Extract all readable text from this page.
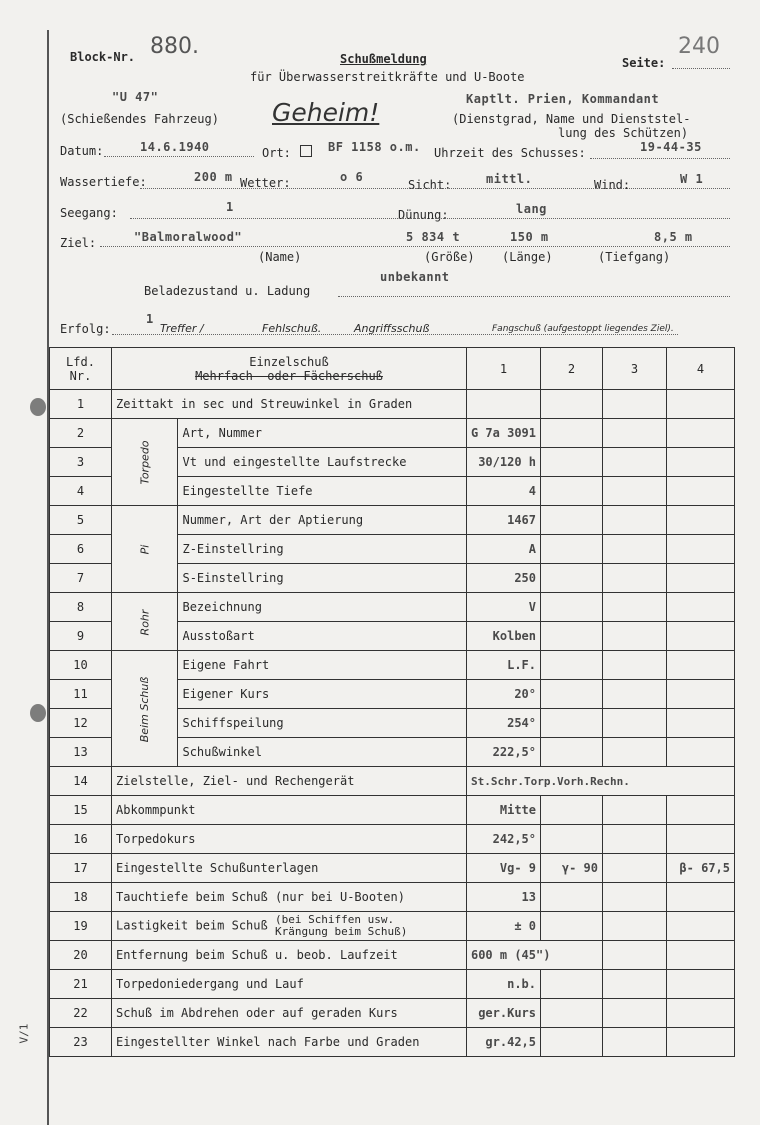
Block-Nr. 880.	Schußmeldung
für Überwasserstreitkräfte und U-Boote
Seite:
240
"U 47"
(Schießendes Fahrzeug) Geheim!	Kaptlt. Prien, Kommandant
(Dienstgrad, Name und Dienststel-
lung des Schützen)
Datum:	14.6.1940	Ort:	BF 1158 o.m. Uhrzeit des Schusses:	19-44-35
Wassertiefe:	200 m Wetter:	o 6
Sicht:	mittl.	Wind:	W 1
Seegang:	1
Dünung:	lang
Ziel:	"Balmoralwood"	5 834 t	150 m	8,5 m
(Name)	(Größe) (Länge)	(Tiefgang)
unbekannt
Beladezustand u. Ladung
Erfolg:
1
Treffer /	Fehlschuß.	Angriffsschuß	Fangschuß (aufgestoppt liegendes Ziel).
Lfd.
Nr.	Einzelschuß
Mehrfach- oder Fächerschuß		1	2	3	4
1	Zeittakt in sec und Streuwinkel in Graden					
2	Torpedo	Art, Nummer	G 7a 3091			
3		Vt und eingestellte Laufstrecke	30/120 h			
4		Eingestellte Tiefe	4			
5	Pi	Nummer, Art der Aptierung	1467			
6		Z-Einstellring	A			
7		S-Einstellring	250			
8	Rohr	Bezeichnung	V			
9		Ausstoßart	Kolben			
10	Beim Schuß	Eigene Fahrt	L.F.			
11		Eigener Kurs	20°			
12		Schiffspeilung	254°			
13		Schußwinkel	222,5°			
14	Zielstelle, Ziel- und Rechengerät		St.Schr.Torp.Vorh.Rechn.			
15	Abkommpunkt		Mitte			
16	Torpedokurs		242,5°			
17	Eingestellte Schußunterlagen		Vg- 9	γ- 90		β- 67,5
18	Tauchtiefe beim Schuß (nur bei U-Booten)		13			
19	Lastigkeit beim Schuß (bei Schiffen usw.
Krängung beim Schuß)		± 0			
20	Entfernung beim Schuß u. beob. Laufzeit		600 m (45")			
21	Torpedoniedergang und Lauf		n.b.			
22	Schuß im Abdrehen oder auf geraden Kurs		ger.Kurs			
23	Eingestellter Winkel nach Farbe und Graden		gr.42,5			
V/1
